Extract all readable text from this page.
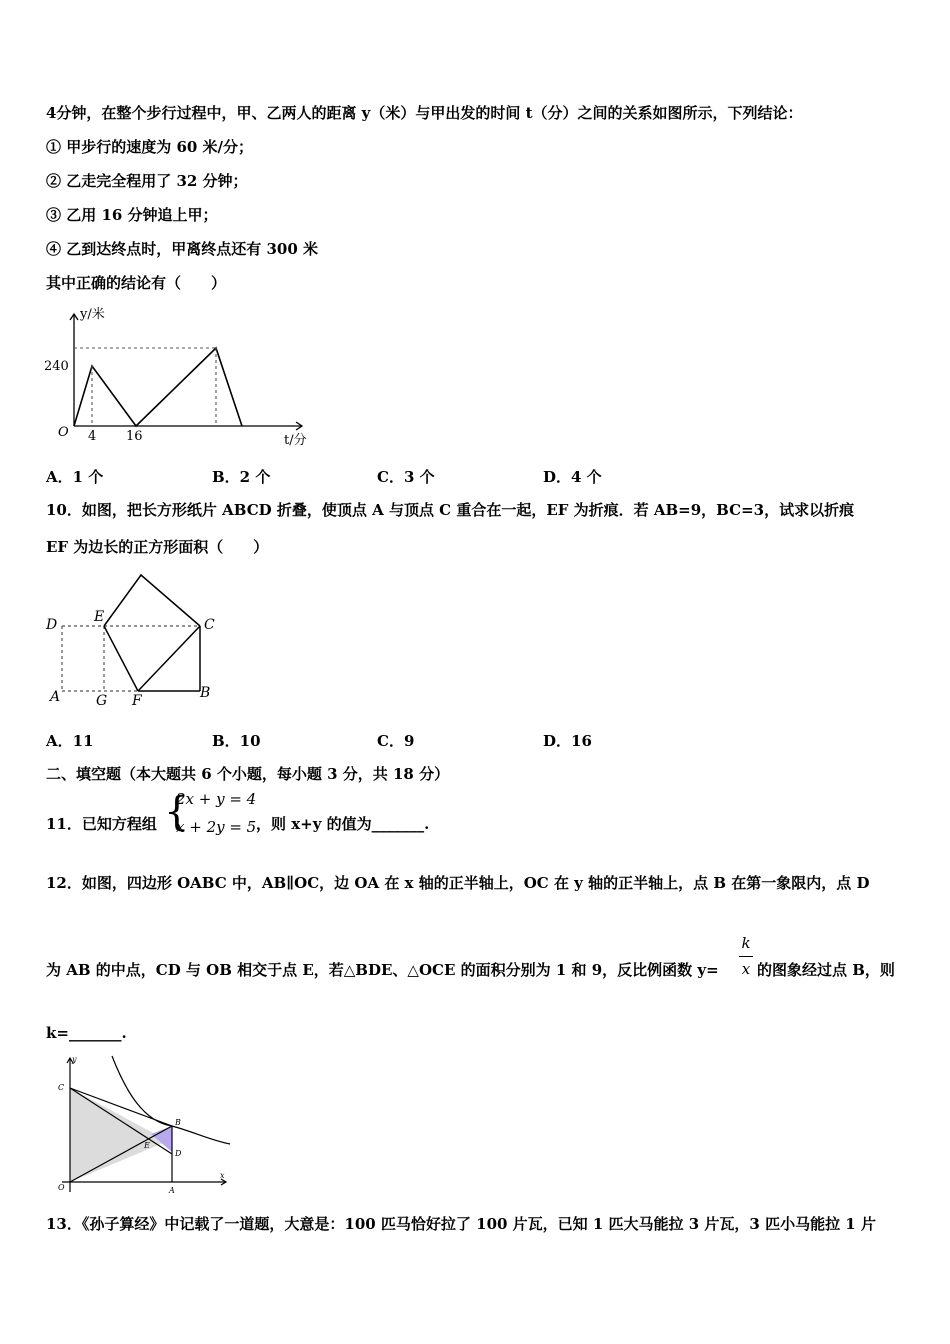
4分钟，在整个步行过程中，甲、乙两人的距离 y（米）与甲出发的时间 t（分）之间的关系如图所示，下列结论：
① 甲步行的速度为 60 米/分；
② 乙走完全程用了 32 分钟；
③ 乙用 16 分钟追上甲；
④ 乙到达终点时，甲离终点还有 300 米
其中正确的结论有（　　）
y/米
t/分
O
240
4 16
A．1 个	B．2 个	C．3 个	D．4 个
10．如图，把长方形纸片 ABCD 折叠，使顶点 A 与顶点 C 重合在一起，EF 为折痕．若 AB=9，BC=3，试求以折痕
EF 为边长的正方形面积（　　）
D	E	C
A	G F	B
A．11	B．10	C．9	D．16
二、填空题（本大题共 6 个小题，每小题 3 分，共 18 分）
11．已知方程组 {
2x + y = 4
x + 2y = 5 ，则 x+y 的值为_______.
12．如图，四边形 OABC 中，AB∥OC，边 OA 在 x 轴的正半轴上，OC 在 y 轴的正半轴上，点 B 在第一象限内，点 D
为 AB 的中点，CD 与 OB 相交于点 E，若△BDE、△OCE 的面积分别为 1 和 9，反比例函数 y=
k
x 的图象经过点 B，则
k=_______.
y
x
C
O	A
B
D
E
13．《孙子算经》中记载了一道题，大意是：100 匹马恰好拉了 100 片瓦，已知 1 匹大马能拉 3 片瓦，3 匹小马能拉 1 片
